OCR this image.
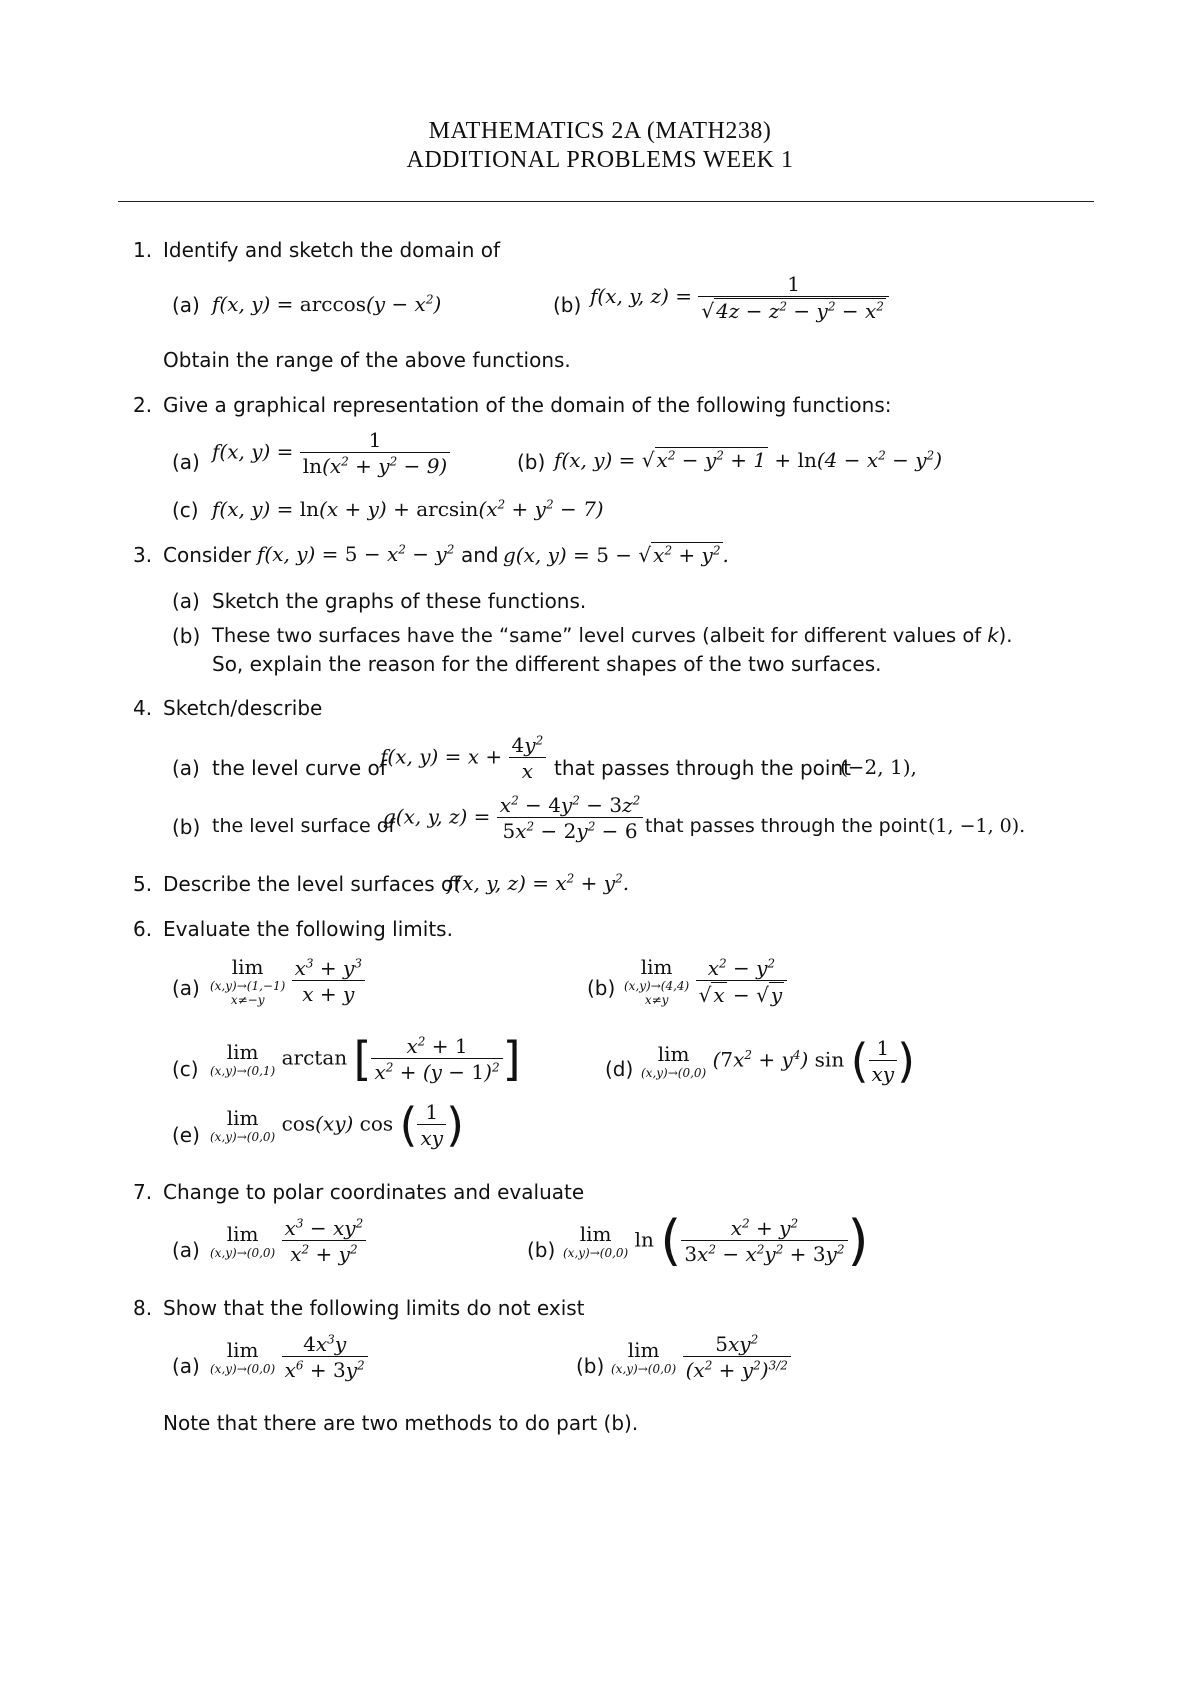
MATHEMATICS 2A (MATH238)
ADDITIONAL PROBLEMS WEEK 1
1. Identify and sketch the domain of
(a) f(x, $y) = \arccos(y - x^2)$	(b) f(x, y, $z) = \frac{1}{√ 4z - z^2 - y^2 - x^2}$
Obtain the range of the above functions.
2. Give a graphical representation of the domain of the following functions:
(a) f(x, $y) = \frac{1}{\ln(x^2 + y^2 - 9)}$	(b) f(x, y) = √ $x^2 - y^2 + 1 + \ln(4 - x^2 - y^2)$
(c) f(x, $y) = \ln(x + y) + \arcsin(x^2 + y^2 - 7)$
3. Consider f(x, $y) = 5 - x^2 - y^2$ and g(x, y) = 5 − √ $x^2 + y^2$ .
(a) Sketch the graphs of these functions.
(b) These two surfaces have the “same” level curves (albeit for different values of k).
So, explain the reason for the different shapes of the two surfaces.
4. Sketch/describe
(a) the level curve of
f(x, $y) = x + \frac{4y^2}{x}$ that passes through the point
(−2, 1),
(b) the level surface of
g(x, y, $z) = \frac{x^2 - 4y^2 - 3z^2}{5x^2 - 2y^2 - 6}$ that passes through the point (1, −1, 0).
5. Describe the level surfaces of
f(x, y, $z) = x^2 + y^2$.
6. Evaluate the following limits.
(a)
lim
(x,y)→(1,−1)
x≠−y
	$\frac{x^3 + y^3}{x + y}$	(b)
lim
(x,y)→(4,4)
x≠y
	$\frac{x^2 - y^2}{√ x - √ y}$
(c)
lim
(x,y)→(0,1)
arctan [ $\frac{x^2 + 1}{x^2 + (y - 1)^2}$ ]	(d)
lim
(x,y)→(0,0)
$(7x^2 + y^4)$ sin ( $\frac{1}{xy}$ )
(e)
lim
(x,y)→(0,0)
cos(xy) cos ( $\frac{1}{xy}$ )
7. Change to polar coordinates and evaluate
(a)
lim
(x,y)→(0,0)
$\frac{x^3 - xy^2}{x^2 + y^2}$	(b)
lim
(x,y)→(0,0)
ln ( $\frac{x^2 + y^2}{3x^2 - x^2y^2 + 3y^2}$ )
8. Show that the following limits do not exist
(a)
lim
(x,y)→(0,0)
$\frac{4x^3y}{x^6 + 3y^2}$	(b)
lim
(x,y)→(0,0)
$\frac{5xy^2}{(x^2 + y^2)^{3/2}}$
Note that there are two methods to do part (b).
